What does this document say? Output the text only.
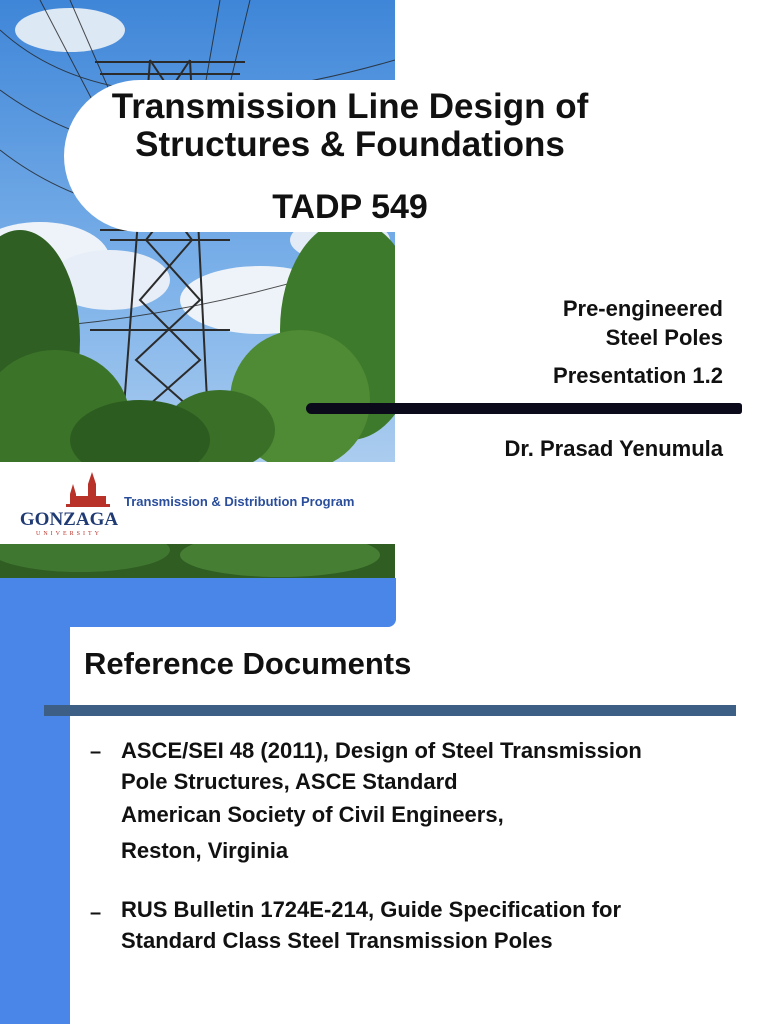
Transmission Line Design of
Structures & Foundations
TADP 549
Pre-engineered
Steel Poles
Presentation 1.2
Dr. Prasad Yenumula
GONZAGA
UNIVERSITY
Transmission & Distribution Program
Reference Documents
– ASCE/SEI 48 (2011), Design of Steel Transmission
Pole Structures, ASCE Standard
American Society of Civil Engineers,
Reston, Virginia
– RUS Bulletin 1724E-214, Guide Specification for
Standard Class Steel Transmission Poles
